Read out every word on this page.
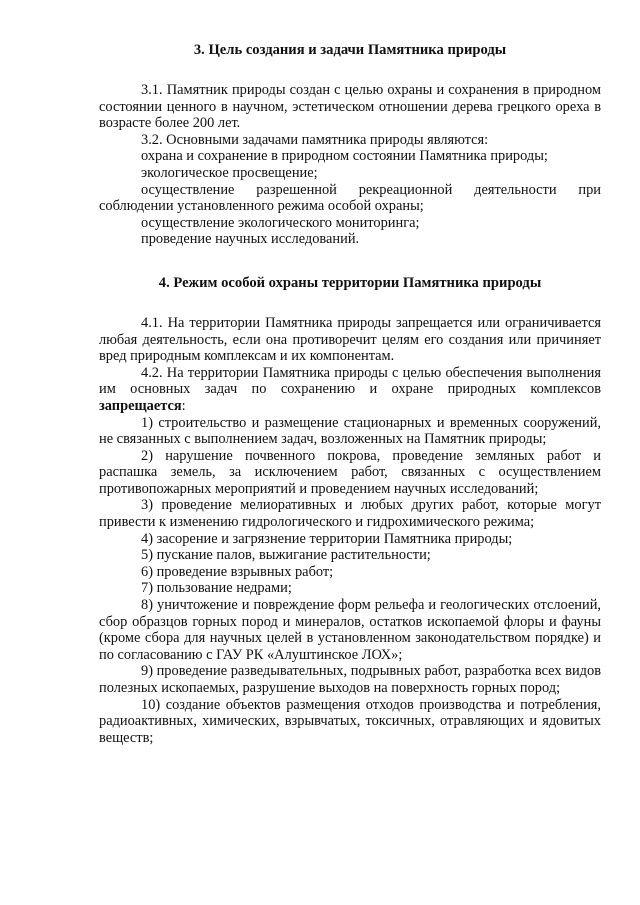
3. Цель создания и задачи Памятника природы

3.1. Памятник природы создан с целью охраны и сохранения в природном состоянии ценного в научном, эстетическом отношении дерева грецкого ореха в возрасте более 200 лет.

3.2. Основными задачами памятника природы являются:

охрана и сохранение в природном состоянии Памятника природы;

экологическое просвещение;

осуществление разрешенной рекреационной деятельности при соблюдении установленного режима особой охраны;

осуществление экологического мониторинга;

проведение научных исследований.

4. Режим особой охраны территории Памятника природы

4.1. На территории Памятника природы запрещается или ограничивается любая деятельность, если она противоречит целям его создания или причиняет вред природным комплексам и их компонентам.

4.2. На территории Памятника природы с целью обеспечения выполнения им основных задач по сохранению и охране природных комплексов запрещается:

1) строительство и размещение стационарных и временных сооружений, не связанных с выполнением задач, возложенных на Памятник природы;

2) нарушение почвенного покрова, проведение земляных работ и распашка земель, за исключением работ, связанных с осуществлением противопожарных мероприятий и проведением научных исследований;

3) проведение мелиоративных и любых других работ, которые могут привести к изменению гидрологического и гидрохимического режима;

4) засорение и загрязнение территории Памятника природы;

5) пускание палов, выжигание растительности;

6) проведение взрывных работ;

7) пользование недрами;

8) уничтожение и повреждение форм рельефа и геологических отслоений, сбор образцов горных пород и минералов, остатков ископаемой флоры и фауны (кроме сбора для научных целей в установленном законодательством порядке) и по согласованию с ГАУ РК «Алуштинское ЛОХ»;

9) проведение разведывательных, подрывных работ, разработка всех видов полезных ископаемых, разрушение выходов на поверхность горных пород;

10) создание объектов размещения отходов производства и потребления, радиоактивных, химических, взрывчатых, токсичных, отравляющих и ядовитых веществ;
